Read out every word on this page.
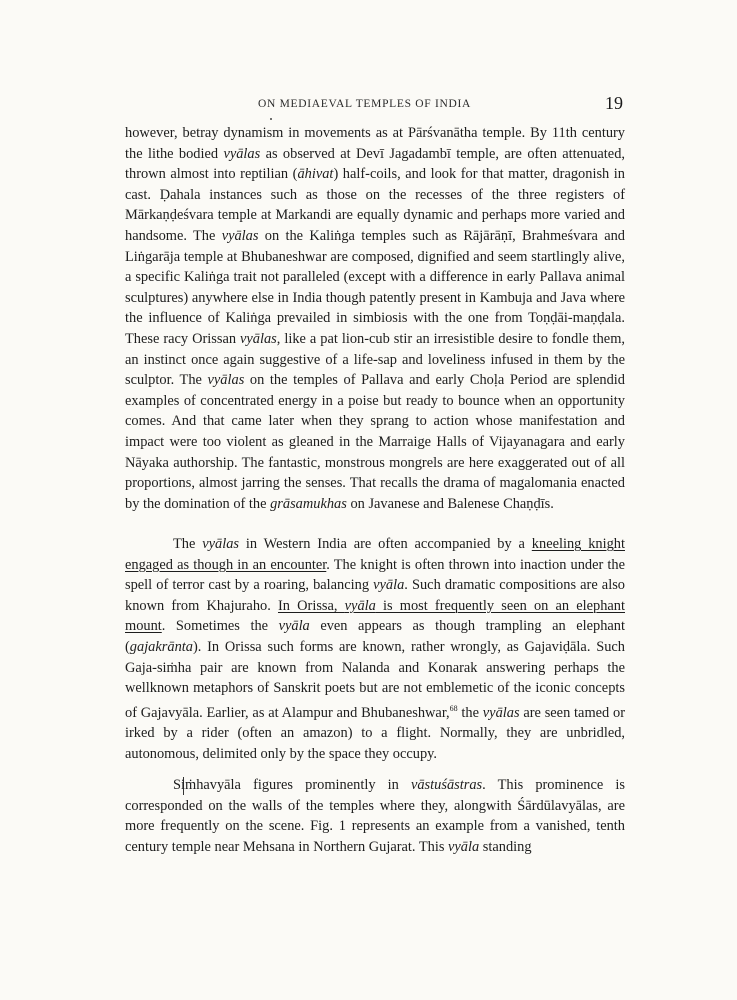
ON MEDIAEVAL TEMPLES OF INDIA	19

however, betray dynamism in movements as at Pārśvanātha temple. By 11th century the lithe bodied vyālas as observed at Devī Jagadambī temple, are often attenuated, thrown almost into reptilian (āhivat) half-coils, and look for that matter, dragonish in cast. Ḍahala instances such as those on the recesses of the three registers of Mārkaṇḍeśvara temple at Markandi are equally dynamic and perhaps more varied and handsome. The vyālas on the Kaliṅga temples such as Rājārāṇī, Brahmeśvara and Liṅgarāja temple at Bhubaneshwar are composed, dignified and seem startlingly alive, a specific Kaliṅga trait not paralleled (except with a difference in early Pallava animal sculptures) anywhere else in India though patently present in Kambuja and Java where the influence of Kaliṅga prevailed in simbiosis with the one from Toṇḍāi-maṇḍala. These racy Orissan vyālas, like a pat lion-cub stir an irresistible desire to fondle them, an instinct once again suggestive of a life-sap and loveliness infused in them by the sculptor. The vyālas on the temples of Pallava and early Choḷa Period are splendid examples of concentrated energy in a poise but ready to bounce when an opportunity comes. And that came later when they sprang to action whose manifestation and impact were too violent as gleaned in the Marraige Halls of Vijayanagara and early Nāyaka authorship. The fantastic, monstrous mongrels are here exaggerated out of all proportions, almost jarring the senses. That recalls the drama of magalomania enacted by the domination of the grāsamukhas on Javanese and Balenese Chaṇḍīs.

The vyālas in Western India are often accompanied by a kneeling knight engaged as though in an encounter. The knight is often thrown into inaction under the spell of terror cast by a roaring, balancing vyāla. Such dramatic compositions are also known from Khajuraho. In Orissa, vyāla is most frequently seen on an elephant mount. Sometimes the vyāla even appears as though trampling an elephant (gajakrānta). In Orissa such forms are known, rather wrongly, as Gajaviḍāla. Such Gaja-siṁha pair are known from Nalanda and Konarak answering perhaps the wellknown metaphors of Sanskrit poets but are not emblemetic of the iconic concepts of Gajavyāla. Earlier, as at Alampur and Bhubaneshwar,$^{68}$ the vyālas are seen tamed or irked by a rider (often an amazon) to a flight. Normally, they are unbridled, autonomous, delimited only by the space they occupy.

Siṁhavyāla figures prominently in vāstuśāstras. This prominence is corresponded on the walls of the temples where they, alongwith Śārdūlavyālas, are more frequently on the scene. Fig. 1 represents an example from a vanished, tenth century temple near Mehsana in Northern Gujarat. This vyāla standing
